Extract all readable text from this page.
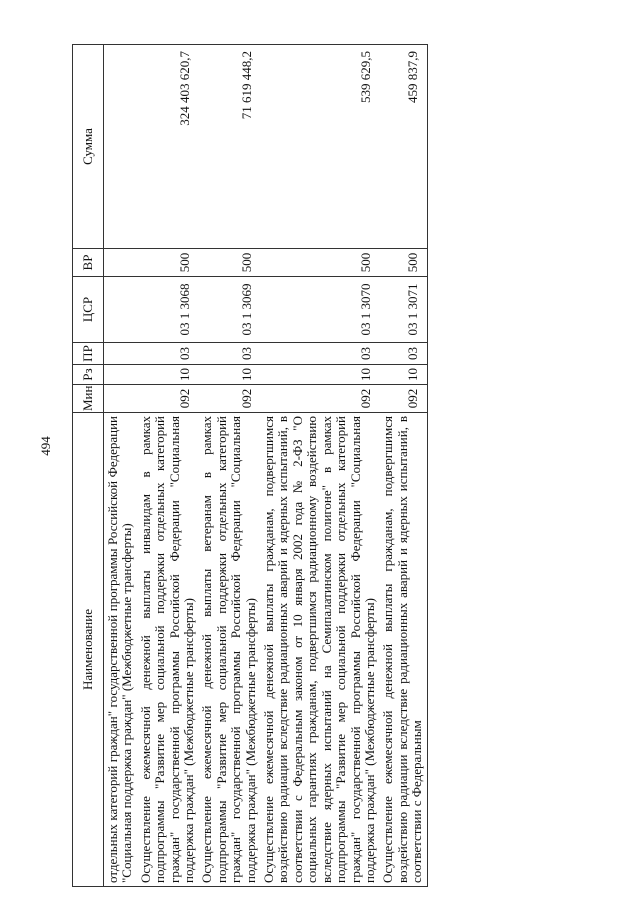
494
Наименование	Мин	Рз	ПР	ЦСР	ВР	Сумма
отдельных категорий граждан" государственной программы Российской Федерации "Социальная поддержка граждан" (Межбюджетные трансферты)						
Осуществление ежемесячной денежной выплаты инвалидам в рамках подпрограммы "Развитие мер социальной поддержки отдельных категорий граждан" государственной программы Российской Федерации "Социальная поддержка граждан" (Межбюджетные трансферты)	092	10	03	03 1 3068	500	324 403 620,7
Осуществление ежемесячной денежной выплаты ветеранам в рамках подпрограммы "Развитие мер социальной поддержки отдельных категорий граждан" государственной программы Российской Федерации "Социальная поддержка граждан" (Межбюджетные трансферты)	092	10	03	03 1 3069	500	71 619 448,2
Осуществление ежемесячной денежной выплаты гражданам, подвергшимся воздействию радиации вследствие радиационных аварий и ядерных испытаний, в соответствии с Федеральным законом от 10 января 2002 года № 2-ФЗ "О социальных гарантиях гражданам, подвергшимся радиационному воздействию вследствие ядерных испытаний на Семипалатинском полигоне" в рамках подпрограммы "Развитие мер социальной поддержки отдельных категорий граждан" государственной программы Российской Федерации "Социальная поддержка граждан" (Межбюджетные трансферты)	092	10	03	03 1 3070	500	539 629,5
Осуществление ежемесячной денежной выплаты гражданам, подвергшимся воздействию радиации вследствие радиационных аварий и ядерных испытаний, в соответствии с Федеральным	092	10	03	03 1 3071	500	459 837,9
